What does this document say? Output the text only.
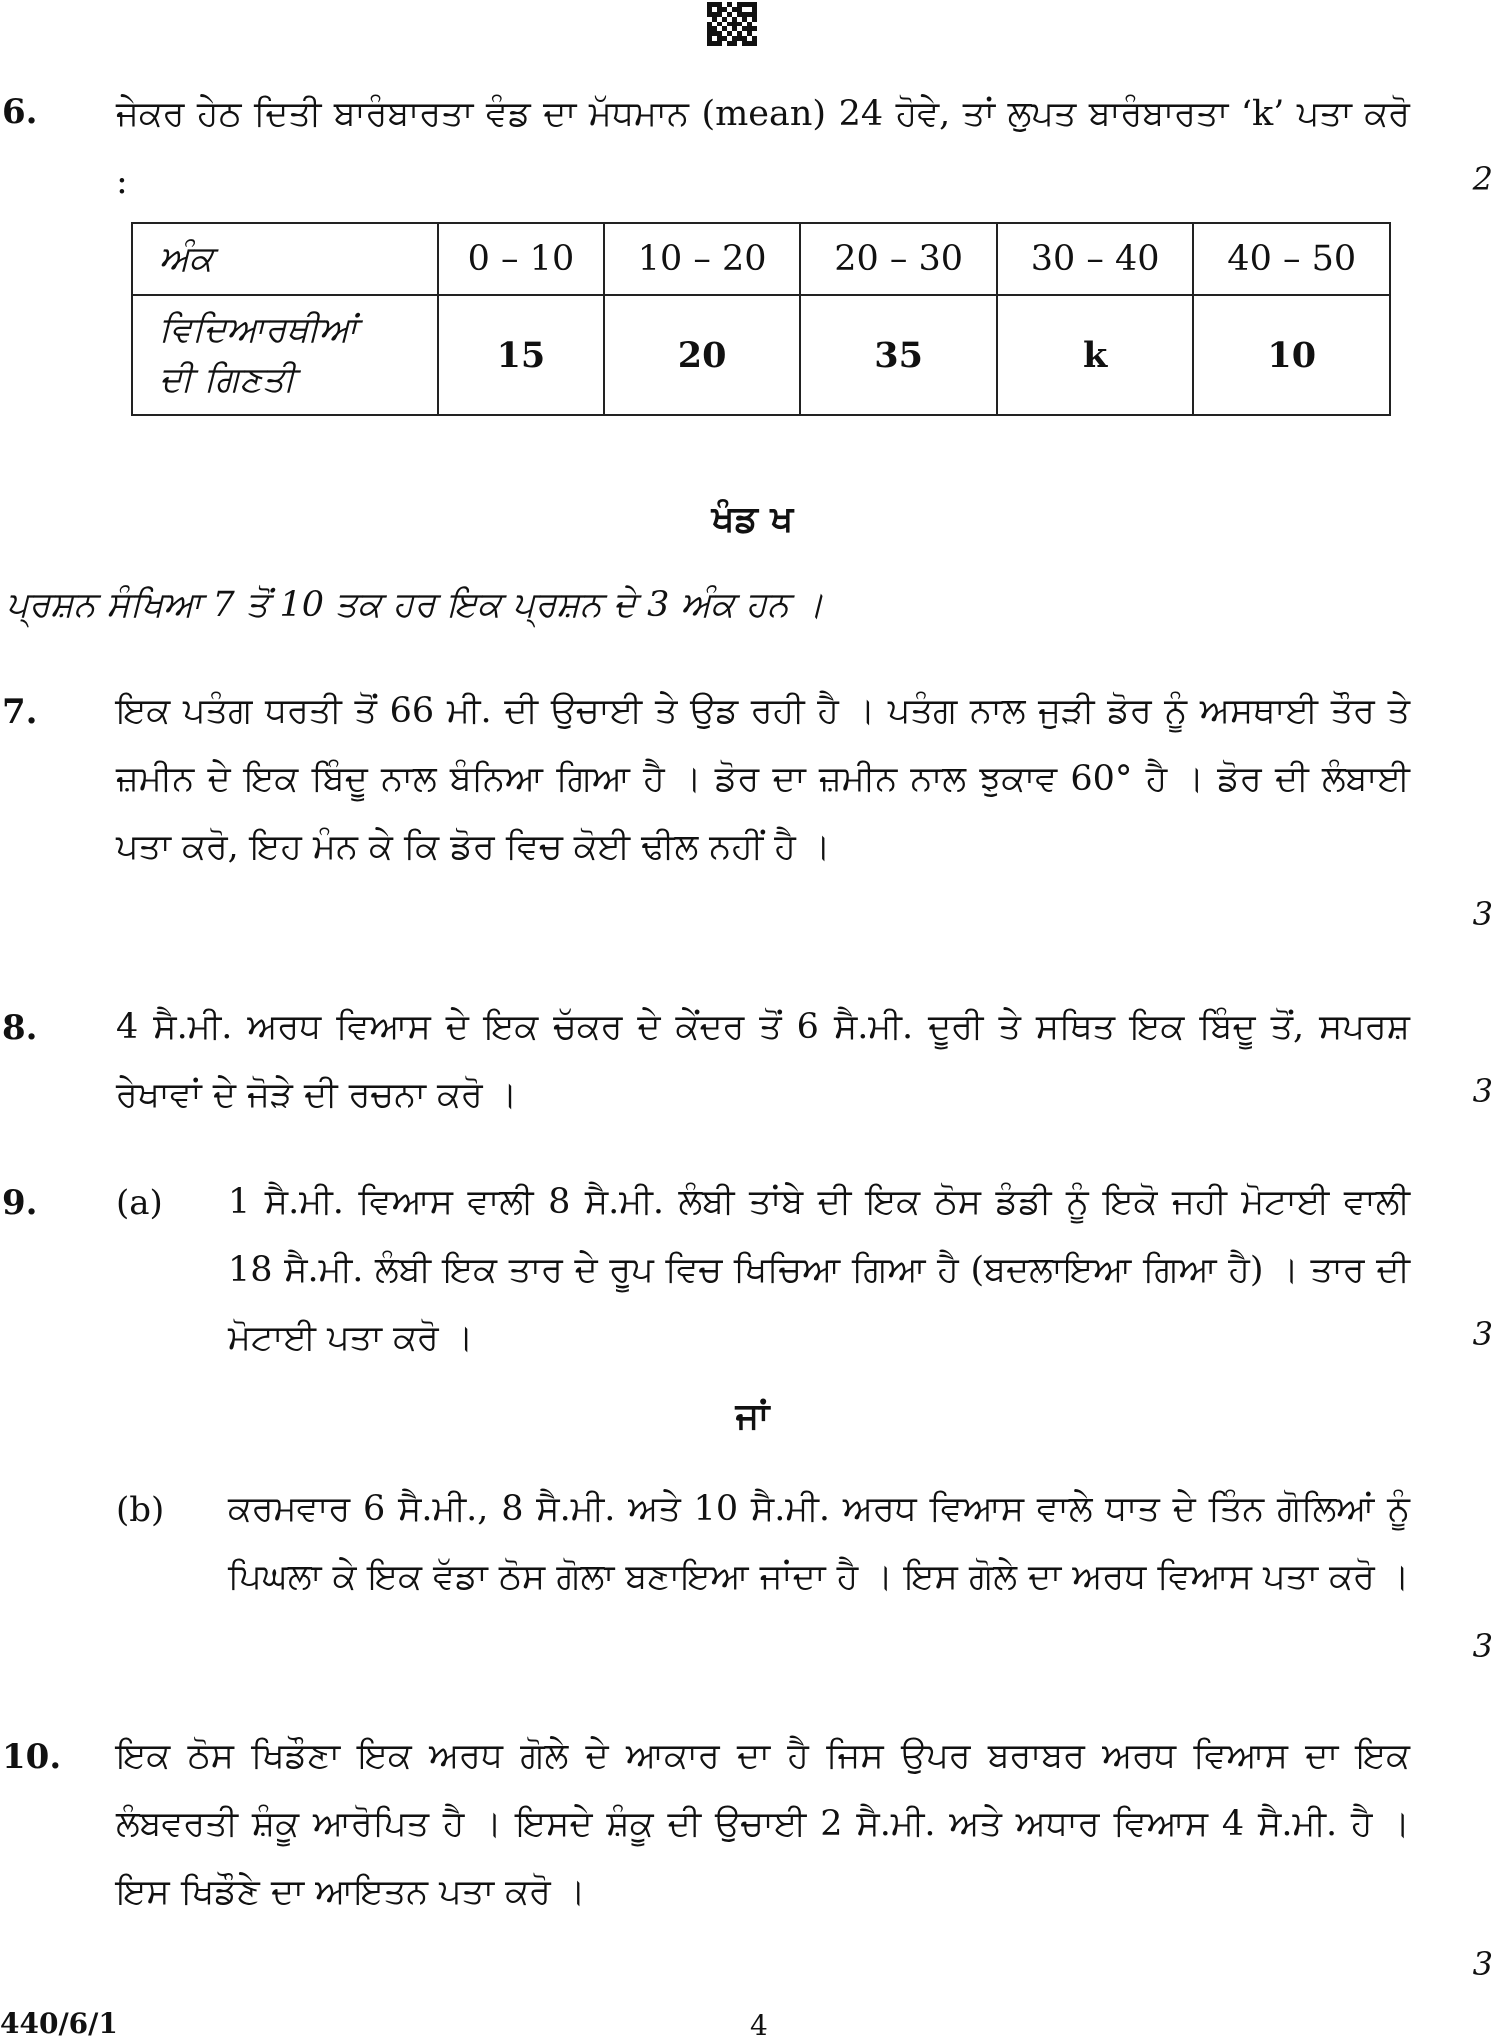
6. ਜੇਕਰ ਹੇਠ ਦਿਤੀ ਬਾਰੰਬਾਰਤਾ ਵੰਡ ਦਾ ਮੱਧਮਾਨ (mean) 24 ਹੋਵੇ, ਤਾਂ ਲੁਪਤ ਬਾਰੰਬਾਰਤਾ ‘k’ ਪਤਾ ਕਰੋ :	2
ਅੰਕ	0 – 10	10 – 20	20 – 30	30 – 40	40 – 50

ਵਿਦਿਆਰਥੀਆਂ
ਦੀ ਗਿਣਤੀ	15	20	35	k	10
ਖੰਡ ਖ
ਪ੍ਰਸ਼ਨ ਸੰਖਿਆ 7 ਤੋਂ 10 ਤਕ ਹਰ ਇਕ ਪ੍ਰਸ਼ਨ ਦੇ 3 ਅੰਕ ਹਨ ।
7. ਇਕ ਪਤੰਗ ਧਰਤੀ ਤੋਂ 66 ਮੀ. ਦੀ ਉਚਾਈ ਤੇ ਉਡ ਰਹੀ ਹੈ । ਪਤੰਗ ਨਾਲ ਜੁੜੀ ਡੋਰ ਨੂੰ ਅਸਥਾਈ ਤੌਰ ਤੇ ਜ਼ਮੀਨ ਦੇ ਇਕ ਬਿੰਦੂ ਨਾਲ ਬੰਨਿਆ ਗਿਆ ਹੈ । ਡੋਰ ਦਾ ਜ਼ਮੀਨ ਨਾਲ ਝੁਕਾਵ 60° ਹੈ । ਡੋਰ ਦੀ ਲੰਬਾਈ ਪਤਾ ਕਰੋ, ਇਹ ਮੰਨ ਕੇ ਕਿ ਡੋਰ ਵਿਚ ਕੋਈ ਢੀਲ ਨਹੀਂ ਹੈ ।
3
8. 4 ਸੈ.ਮੀ. ਅਰਧ ਵਿਆਸ ਦੇ ਇਕ ਚੱਕਰ ਦੇ ਕੇਂਦਰ ਤੋਂ 6 ਸੈ.ਮੀ. ਦੂਰੀ ਤੇ ਸਥਿਤ ਇਕ ਬਿੰਦੂ ਤੋਂ, ਸਪਰਸ਼ ਰੇਖਾਵਾਂ ਦੇ ਜੋੜੇ ਦੀ ਰਚਨਾ ਕਰੋ ।	3
9. (a) 1 ਸੈ.ਮੀ. ਵਿਆਸ ਵਾਲੀ 8 ਸੈ.ਮੀ. ਲੰਬੀ ਤਾਂਬੇ ਦੀ ਇਕ ਠੋਸ ਡੰਡੀ ਨੂੰ ਇਕੋ ਜਹੀ ਮੋਟਾਈ ਵਾਲੀ 18 ਸੈ.ਮੀ. ਲੰਬੀ ਇਕ ਤਾਰ ਦੇ ਰੂਪ ਵਿਚ ਖਿਚਿਆ ਗਿਆ ਹੈ (ਬਦਲਾਇਆ ਗਿਆ ਹੈ) । ਤਾਰ ਦੀ ਮੋਟਾਈ ਪਤਾ ਕਰੋ ।	3
ਜਾਂ
(b) ਕਰਮਵਾਰ 6 ਸੈ.ਮੀ., 8 ਸੈ.ਮੀ. ਅਤੇ 10 ਸੈ.ਮੀ. ਅਰਧ ਵਿਆਸ ਵਾਲੇ ਧਾਤ ਦੇ ਤਿੰਨ ਗੋਲਿਆਂ ਨੂੰ ਪਿਘਲਾ ਕੇ ਇਕ ਵੱਡਾ ਠੋਸ ਗੋਲਾ ਬਣਾਇਆ ਜਾਂਦਾ ਹੈ । ਇਸ ਗੋਲੇ ਦਾ ਅਰਧ ਵਿਆਸ ਪਤਾ ਕਰੋ ।
3
10. ਇਕ ਠੋਸ ਖਿਡੌਣਾ ਇਕ ਅਰਧ ਗੋਲੇ ਦੇ ਆਕਾਰ ਦਾ ਹੈ ਜਿਸ ਉਪਰ ਬਰਾਬਰ ਅਰਧ ਵਿਆਸ ਦਾ ਇਕ ਲੰਬਵਰਤੀ ਸ਼ੰਕੂ ਆਰੋਪਿਤ ਹੈ । ਇਸਦੇ ਸ਼ੰਕੂ ਦੀ ਉਚਾਈ 2 ਸੈ.ਮੀ. ਅਤੇ ਅਧਾਰ ਵਿਆਸ 4 ਸੈ.ਮੀ. ਹੈ । ਇਸ ਖਿਡੌਣੇ ਦਾ ਆਇਤਨ ਪਤਾ ਕਰੋ ।
3
440/6/1	4
